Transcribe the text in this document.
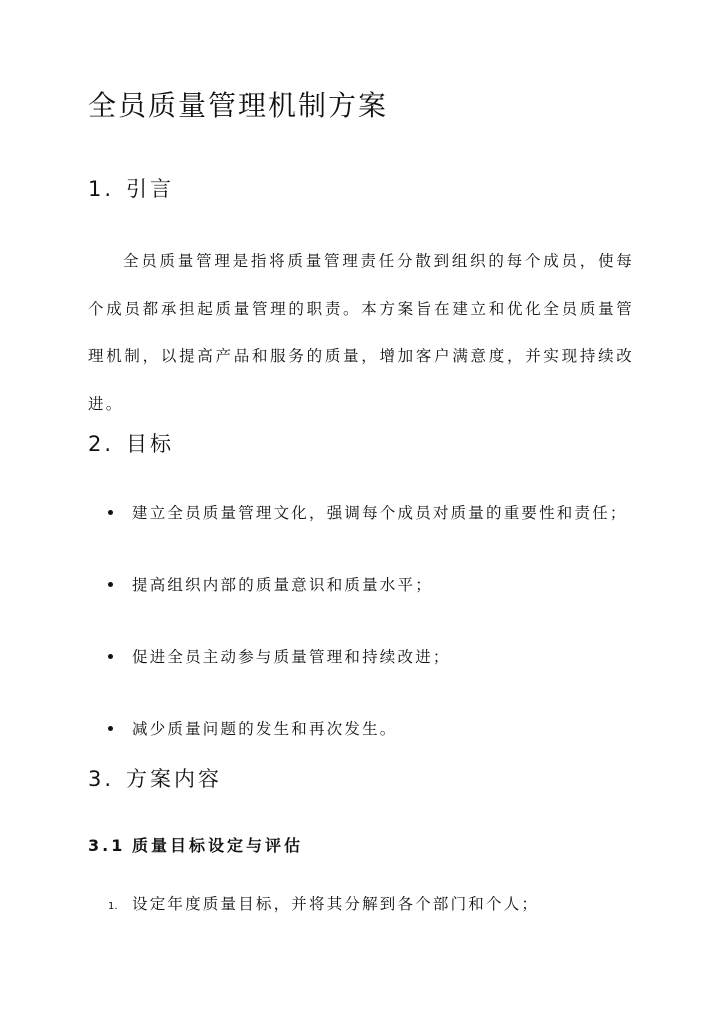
全员质量管理机制方案
1. 引言

全员质量管理是指将质量管理责任分散到组织的每个成员，使每个成员都承担起质量管理的职责。本方案旨在建立和优化全员质量管理机制，以提高产品和服务的质量，增加客户满意度，并实现持续改进。

2. 目标
建立全员质量管理文化，强调每个成员对质量的重要性和责任；
提高组织内部的质量意识和质量水平；
促进全员主动参与质量管理和持续改进；
减少质量问题的发生和再次发生。
3. 方案内容
3.1 质量目标设定与评估
1. 设定年度质量目标，并将其分解到各个部门和个人；
